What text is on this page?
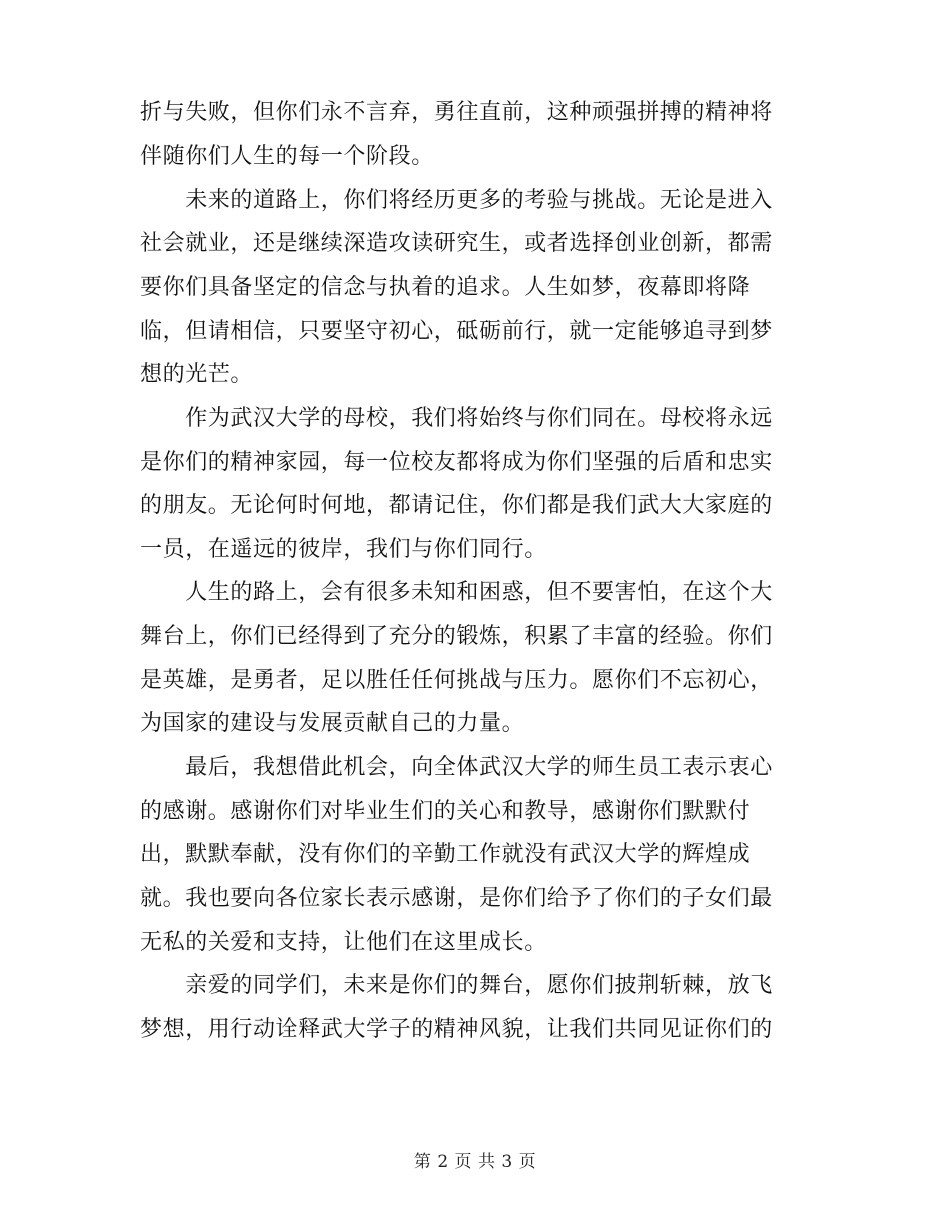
折与失败，但你们永不言弃，勇往直前，这种顽强拼搏的精神将
伴随你们人生的每一个阶段。
　　未来的道路上，你们将经历更多的考验与挑战。无论是进入
社会就业，还是继续深造攻读研究生，或者选择创业创新，都需
要你们具备坚定的信念与执着的追求。人生如梦，夜幕即将降
临，但请相信，只要坚守初心，砥砺前行，就一定能够追寻到梦
想的光芒。
　　作为武汉大学的母校，我们将始终与你们同在。母校将永远
是你们的精神家园，每一位校友都将成为你们坚强的后盾和忠实
的朋友。无论何时何地，都请记住，你们都是我们武大大家庭的
一员，在遥远的彼岸，我们与你们同行。
　　人生的路上，会有很多未知和困惑，但不要害怕，在这个大
舞台上，你们已经得到了充分的锻炼，积累了丰富的经验。你们
是英雄，是勇者，足以胜任任何挑战与压力。愿你们不忘初心，
为国家的建设与发展贡献自己的力量。
　　最后，我想借此机会，向全体武汉大学的师生员工表示衷心
的感谢。感谢你们对毕业生们的关心和教导，感谢你们默默付
出，默默奉献，没有你们的辛勤工作就没有武汉大学的辉煌成
就。我也要向各位家长表示感谢，是你们给予了你们的子女们最
无私的关爱和支持，让他们在这里成长。
　　亲爱的同学们，未来是你们的舞台，愿你们披荆斩棘，放飞
梦想，用行动诠释武大学子的精神风貌，让我们共同见证你们的
第 2 页 共 3 页
